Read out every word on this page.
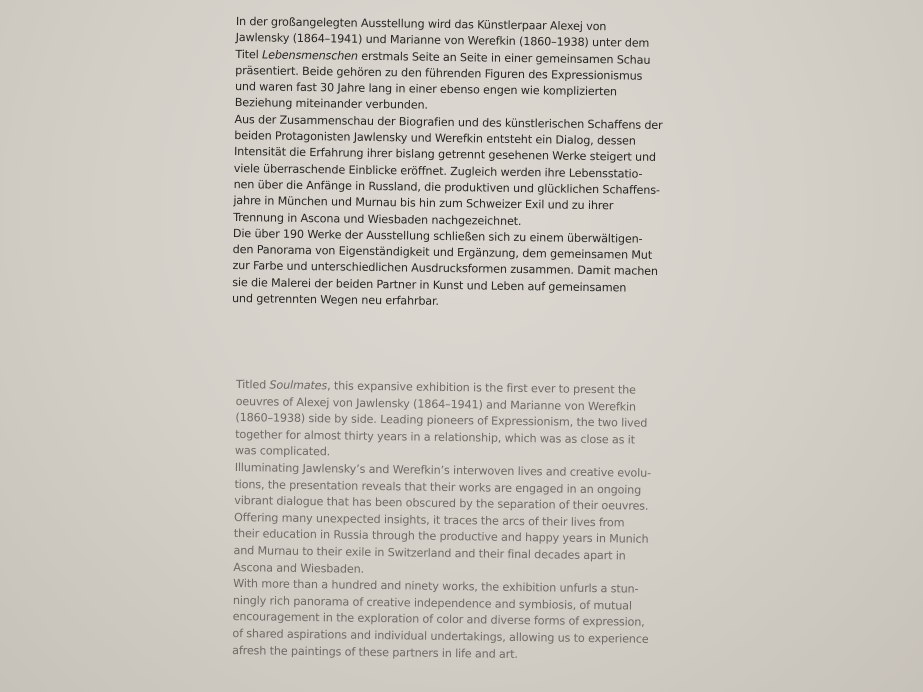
In der großangelegten Ausstellung wird das Künstlerpaar Alexej von
Jawlensky (1864–1941) und Marianne von Werefkin (1860–1938) unter dem
Titel Lebensmenschen erstmals Seite an Seite in einer gemeinsamen Schau
präsentiert. Beide gehören zu den führenden Figuren des Expressionismus
und waren fast 30 Jahre lang in einer ebenso engen wie komplizierten
Beziehung miteinander verbunden.
Aus der Zusammenschau der Biografien und des künstlerischen Schaffens der
beiden Protagonisten Jawlensky und Werefkin entsteht ein Dialog, dessen
Intensität die Erfahrung ihrer bislang getrennt gesehenen Werke steigert und
viele überraschende Einblicke eröffnet. Zugleich werden ihre Lebensstatio-
nen über die Anfänge in Russland, die produktiven und glücklichen Schaffens-
jahre in München und Murnau bis hin zum Schweizer Exil und zu ihrer
Trennung in Ascona und Wiesbaden nachgezeichnet.
Die über 190 Werke der Ausstellung schließen sich zu einem überwältigen-
den Panorama von Eigenständigkeit und Ergänzung, dem gemeinsamen Mut
zur Farbe und unterschiedlichen Ausdrucksformen zusammen. Damit machen
sie die Malerei der beiden Partner in Kunst und Leben auf gemeinsamen
und getrennten Wegen neu erfahrbar.
Titled Soulmates, this expansive exhibition is the first ever to present the
oeuvres of Alexej von Jawlensky (1864–1941) and Marianne von Werefkin
(1860–1938) side by side. Leading pioneers of Expressionism, the two lived
together for almost thirty years in a relationship, which was as close as it
was complicated.
Illuminating Jawlensky’s and Werefkin’s interwoven lives and creative evolu-
tions, the presentation reveals that their works are engaged in an ongoing
vibrant dialogue that has been obscured by the separation of their oeuvres.
Offering many unexpected insights, it traces the arcs of their lives from
their education in Russia through the productive and happy years in Munich
and Murnau to their exile in Switzerland and their final decades apart in
Ascona and Wiesbaden.
With more than a hundred and ninety works, the exhibition unfurls a stun-
ningly rich panorama of creative independence and symbiosis, of mutual
encouragement in the exploration of color and diverse forms of expression,
of shared aspirations and individual undertakings, allowing us to experience
afresh the paintings of these partners in life and art.
